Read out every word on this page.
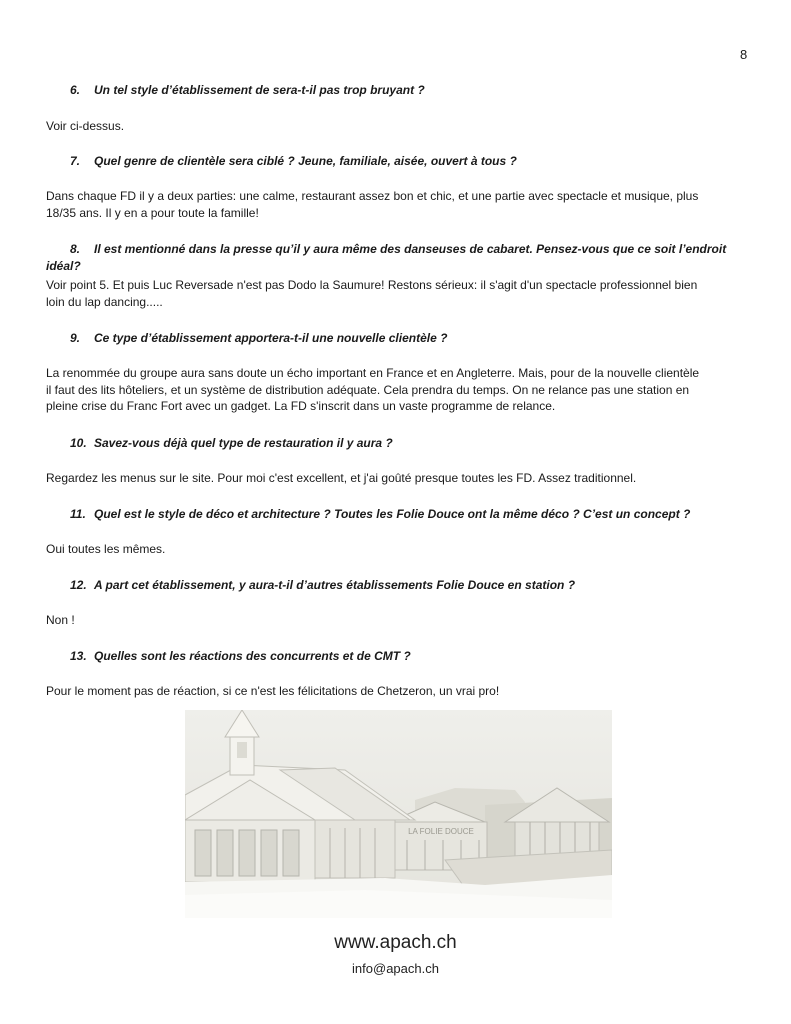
8
6. Un tel style d’établissement de sera-t-il pas trop bruyant ?
Voir ci-dessus.
7. Quel genre de clientèle sera ciblé ? Jeune, familiale, aisée, ouvert à tous ?
Dans chaque FD il y a deux parties: une calme, restaurant assez bon et chic, et une partie avec spectacle et musique, plus
18/35 ans. Il y en a pour toute la famille!
8. Il est mentionné dans la presse qu’il y aura même des danseuses de cabaret. Pensez-vous que ce soit l’endroit idéal?
Voir point 5. Et puis Luc Reversade n'est pas Dodo la Saumure! Restons sérieux: il s'agit d'un spectacle professionnel bien
loin du lap dancing.....
9. Ce type d’établissement apportera-t-il une nouvelle clientèle ?
La renommée du groupe aura sans doute un écho important en France et en Angleterre. Mais, pour de la nouvelle clientèle
il faut des lits hôteliers, et un système de distribution adéquate. Cela prendra du temps. On ne relance pas une station en
pleine crise du Franc Fort avec un gadget. La FD s'inscrit dans un vaste programme de relance.
10. Savez-vous déjà quel type de restauration il y aura ?
Regardez les menus sur le site. Pour moi c'est excellent, et j'ai goûté presque toutes les FD. Assez traditionnel.
11. Quel est le style de déco et architecture ? Toutes les Folie Douce ont la même déco ? C’est un concept ?
Oui toutes les mêmes.
12. A part cet établissement, y aura-t-il d’autres établissements Folie Douce en station ?
Non !
13. Quelles sont les réactions des concurrents et de CMT ?
Pour le moment pas de réaction, si ce n'est les félicitations de Chetzeron, un vrai pro!
LA FOLIE DOUCE
www.apach.ch
info@apach.ch
